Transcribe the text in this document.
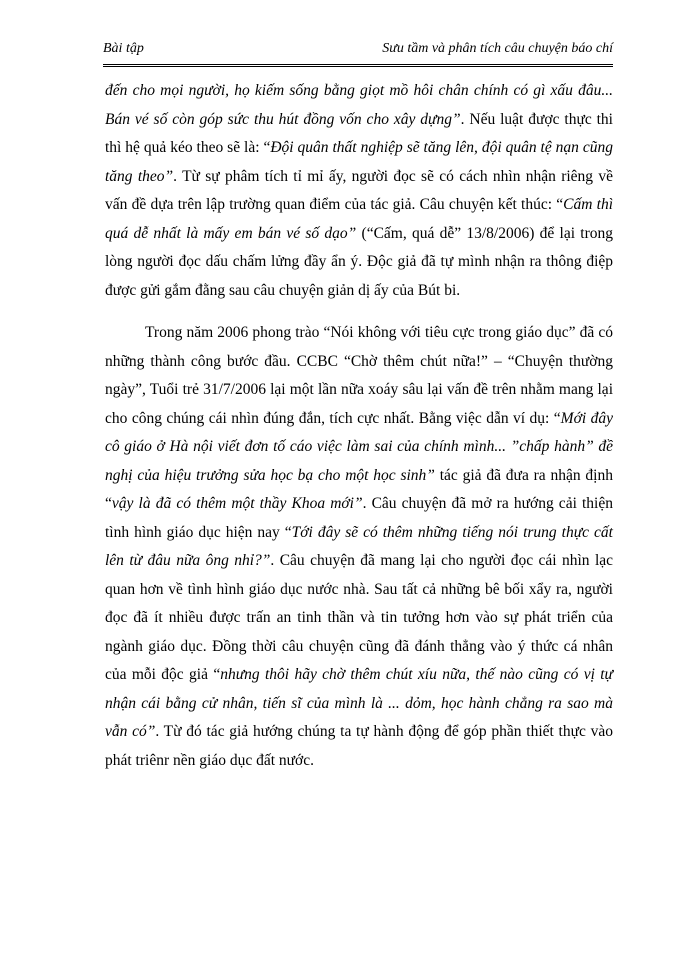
Bài tập	Sưu tầm và phân tích câu chuyện báo chí

đến cho mọi người, họ kiếm sống bằng giọt mồ hôi chân chính có gì xấu đâu... Bán vé số còn góp sức thu hút đồng vốn cho xây dựng”. Nếu luật được thực thi thì hệ quả kéo theo sẽ là: “Đội quân thất nghiệp sẽ tăng lên, đội quân tệ nạn cũng tăng theo”. Từ sự phâm tích tỉ mỉ ấy, người đọc sẽ có cách nhìn nhận riêng về vấn đề dựa trên lập trường quan điểm của tác giả. Câu chuyện kết thúc: “Cấm thì quá dễ nhất là mấy em bán vé số dạo” (“Cấm, quá dễ” 13/8/2006) để lại trong lòng người đọc dấu chấm lửng đầy ẩn ý. Độc giả đã tự mình nhận ra thông điệp được gửi gắm đằng sau câu chuyện giản dị ấy của Bút bi.

Trong năm 2006 phong trào “Nói không với tiêu cực trong giáo dục” đã có những thành công bước đầu. CCBC “Chờ thêm chút nữa!” – “Chuyện thường ngày”, Tuổi trẻ 31/7/2006 lại một lần nữa xoáy sâu lại vấn đề trên nhằm mang lại cho công chúng cái nhìn đúng đắn, tích cực nhất. Bằng việc dẫn ví dụ: “Mới đây cô giáo ở Hà nội viết đơn tố cáo việc làm sai của chính mình... ”chấp hành” đề nghị của hiệu trưởng sửa học bạ cho một học sinh” tác giả đã đưa ra nhận định “vậy là đã có thêm một thầy Khoa mới”. Câu chuyện đã mở ra hướng cải thiện tình hình giáo dục hiện nay “Tới đây sẽ có thêm những tiếng nói trung thực cất lên từ đâu nữa ông nhỉ?”. Câu chuyện đã mang lại cho người đọc cái nhìn lạc quan hơn về tình hình giáo dục nước nhà. Sau tất cả những bê bối xẩy ra, người đọc đã ít nhiều được trấn an tinh thần và tin tưởng hơn vào sự phát triển của ngành giáo dục. Đồng thời câu chuyện cũng đã đánh thẳng vào ý thức cá nhân của mỗi độc giả “nhưng thôi hãy chờ thêm chút xíu nữa, thế nào cũng có vị tự nhận cái bằng cử nhân, tiến sĩ của mình là ... dỏm, học hành chẳng ra sao mà vẫn có”. Từ đó tác giả hướng chúng ta tự hành động để góp phần thiết thực vào phát triênr nền giáo dục đất nước.
